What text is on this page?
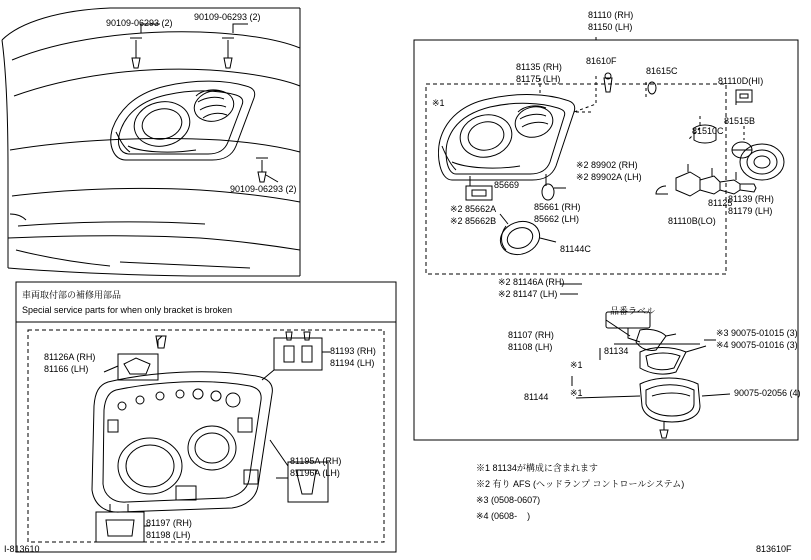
90109-06293 (2)
90109-06293 (2)
90109-06293 (2)
車両取付部の補修用部品
Special service parts for when only bracket is broken
81126A (RH)
81166 (LH)
81193 (RH)
81194 (LH)
81195A (RH)
81196A (LH)
81197 (RH)
81198 (LH)
81110 (RH)
81150 (LH)
81135 (RH)
81175 (LH)
81610F
81615C
81110D(HI)
81510C
81515B
81139 (RH)
81179 (LH)
81125
81110B(LO)
※2 89902 (RH)
※2 89902A (LH)
85669
85661 (RH)
85662 (LH)
※2 85662A
※2 85662B
81144C
※1
※1
※1
※2 81146A (RH)
※2 81147 (LH)
品番ラベル
81107 (RH)
81108 (LH)	81134
※3 90075-01015 (3)
※4 90075-01016 (3)
81144	90075-02056 (4)
※1 81134が構成に含まれます
※2 有り AFS (ヘッドランプ コントロールシステム)
※3 (0508-0607)
※4 (0608-    )
I-813610	813610F
